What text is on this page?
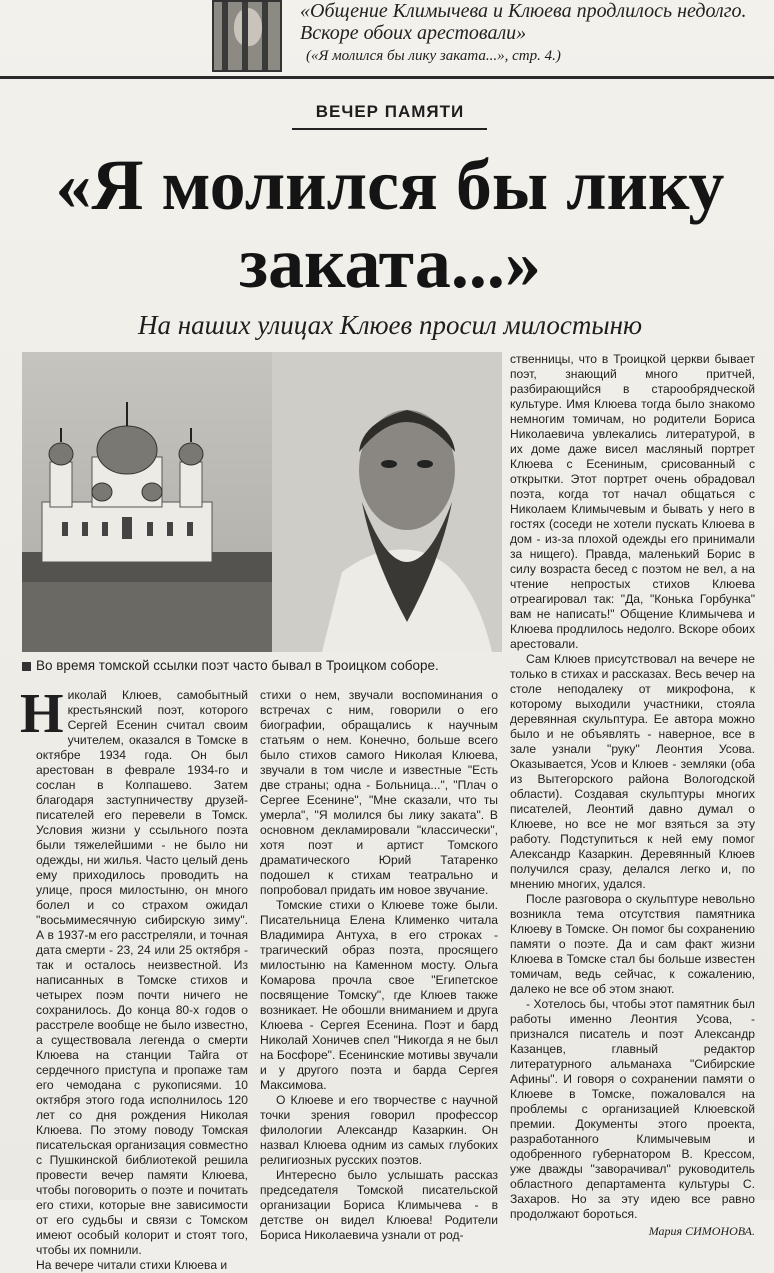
«Общение Климычева и Клюева продлилось недолго. Вскоре обоих арестовали»
(«Я молился бы лику заката...», стр. 4.)
ВЕЧЕР ПАМЯТИ
«Я молился бы лику заката...»
На наших улицах Клюев просил милостыню
Во время томской ссылки поэт часто бывал в Троицком соборе.

Николай Клюев, самобытный крестьянский поэт, которого Сергей Есенин считал своим учителем, оказался в Томске в октябре 1934 года. Он был арестован в феврале 1934-го и сослан в Колпашево. Затем благодаря заступничеству друзей-писателей его перевели в Томск. Условия жизни у ссыльного поэта были тяжелейшими - не было ни одежды, ни жилья. Часто целый день ему приходилось проводить на улице, прося милостыню, он много болел и со страхом ожидал "восьмимесячную сибирскую зиму". А в 1937-м его расстреляли, и точная дата смерти - 23, 24 или 25 октября - так и осталось неизвестной. Из написанных в Томске стихов и четырех поэм почти ничего не сохранилось. До конца 80-х годов о расстреле вообще не было известно, а существовала легенда о смерти Клюева на станции Тайга от сердечного приступа и пропаже там его чемодана с рукописями. 10 октября этого года исполнилось 120 лет со дня рождения Николая Клюева. По этому поводу Томская писательская организация совместно с Пушкинской библиотекой решила провести вечер памяти Клюева, чтобы поговорить о поэте и почитать его стихи, которые вне зависимости от его судьбы и связи с Томском имеют особый колорит и стоят того, чтобы их помнили.

На вечере читали стихи Клюева и

стихи о нем, звучали воспоминания о встречах с ним, говорили о его биографии, обращались к научным статьям о нем. Конечно, больше всего было стихов самого Николая Клюева, звучали в том числе и известные "Есть две страны; одна - Больница...", "Плач о Сергее Есенине", "Мне сказали, что ты умерла", "Я молился бы лику заката". В основном декламировали "классически", хотя поэт и артист Томского драматического Юрий Татаренко подошел к стихам театрально и попробовал придать им новое звучание.

Томские стихи о Клюеве тоже были. Писательница Елена Клименко читала Владимира Антуха, в его строках - трагический образ поэта, просящего милостыню на Каменном мосту. Ольга Комарова прочла свое "Египетское посвящение Томску", где Клюев также возникает. Не обошли вниманием и друга Клюева - Сергея Есенина. Поэт и бард Николай Хоничев спел "Никогда я не был на Босфоре". Есенинские мотивы звучали и у другого поэта и барда Сергея Максимова.

О Клюеве и его творчестве с научной точки зрения говорил профессор филологии Александр Казаркин. Он назвал Клюева одним из самых глубоких религиозных русских поэтов.

Интересно было услышать рассказ председателя Томской писательской организации Бориса Климычева - в детстве он видел Клюева! Родители Бориса Николаевича узнали от род-

ственницы, что в Троицкой церкви бывает поэт, знающий много притчей, разбирающийся в старообрядческой культуре. Имя Клюева тогда было знакомо немногим томичам, но родители Бориса Николаевича увлекались литературой, в их доме даже висел масляный портрет Клюева с Есениным, срисованный с открытки. Этот портрет очень обрадовал поэта, когда тот начал общаться с Николаем Климычевым и бывать у него в гостях (соседи не хотели пускать Клюева в дом - из-за плохой одежды его принимали за нищего). Правда, маленький Борис в силу возраста бесед с поэтом не вел, а на чтение непростых стихов Клюева отреагировал так: "Да, "Конька Горбунка" вам не написать!" Общение Климычева и Клюева продлилось недолго. Вскоре обоих арестовали.

Сам Клюев присутствовал на вечере не только в стихах и рассказах. Весь вечер на столе неподалеку от микрофона, к которому выходили участники, стояла деревянная скульптура. Ее автора можно было и не объявлять - наверное, все в зале узнали "руку" Леонтия Усова. Оказывается, Усов и Клюев - земляки (оба из Вытегорского района Вологодской области). Создавая скульптуры многих писателей, Леонтий давно думал о Клюеве, но все не мог взяться за эту работу. Подступиться к ней ему помог Александр Казаркин. Деревянный Клюев получился сразу, делался легко и, по мнению многих, удался.

После разговора о скульптуре невольно возникла тема отсутствия памятника Клюеву в Томске. Он помог бы сохранению памяти о поэте. Да и сам факт жизни Клюева в Томске стал бы больше известен томичам, ведь сейчас, к сожалению, далеко не все об этом знают.

- Хотелось бы, чтобы этот памятник был работы именно Леонтия Усова, - признался писатель и поэт Александр Казанцев, главный редактор литературного альманаха "Сибирские Афины". И говоря о сохранении памяти о Клюеве в Томске, пожаловался на проблемы с организацией Клюевской премии. Документы этого проекта, разработанного Климычевым и одобренного губернатором В. Крессом, уже дважды "заворачивал" руководитель областного департамента культуры С. Захаров. Но за эту идею все равно продолжают бороться.

Мария СИМОНОВА.
